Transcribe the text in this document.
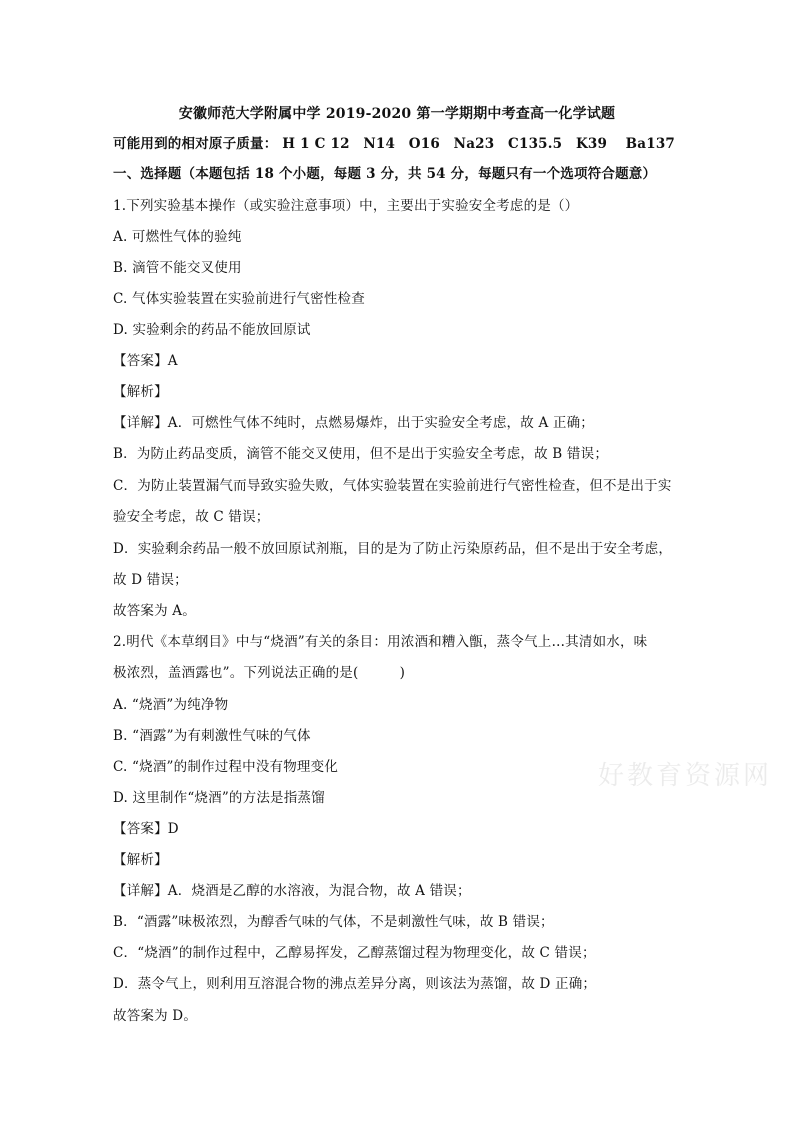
安徽师范大学附属中学 2019-2020 第一学期期中考查高一化学试题
可能用到的相对原子质量： H 1 C 12　N14　O16　Na23　C135.5　K39　 Ba137
一、选择题（本题包括 18 个小题，每题 3 分，共 54 分，每题只有一个选项符合题意）
1.下列实验基本操作（或实验注意事项）中，主要出于实验安全考虑的是（）
A. 可燃性气体的验纯
B. 滴管不能交叉使用
C. 气体实验装置在实验前进行气密性检查
D. 实验剩余的药品不能放回原试
【答案】A
【解析】
【详解】A．可燃性气体不纯时，点燃易爆炸，出于实验安全考虑，故 A 正确；
B．为防止药品变质，滴管不能交叉使用，但不是出于实验安全考虑，故 B 错误；
C．为防止装置漏气而导致实验失败，气体实验装置在实验前进行气密性检查，但不是出于实
验安全考虑，故 C 错误；
D．实验剩余药品一般不放回原试剂瓶，目的是为了防止污染原药品，但不是出于安全考虑，
故 D 错误；
故答案为 A。
2.明代《本草纲目》中与“烧酒”有关的条目：用浓酒和糟入甑，蒸令气上…其清如水，味
极浓烈，盖酒露也”。下列说法正确的是(　　　)
A. “烧酒”为纯净物
B. “酒露”为有刺激性气味的气体
C. “烧酒”的制作过程中没有物理变化
D. 这里制作“烧酒”的方法是指蒸馏
【答案】D
【解析】
【详解】A．烧酒是乙醇的水溶液，为混合物，故 A 错误；
B．“酒露”味极浓烈，为醇香气味的气体，不是刺激性气味，故 B 错误；
C．“烧酒”的制作过程中，乙醇易挥发，乙醇蒸馏过程为物理变化，故 C 错误；
D．蒸令气上，则利用互溶混合物的沸点差异分离，则该法为蒸馏，故 D 正确；
故答案为 D。
好教育资源网
